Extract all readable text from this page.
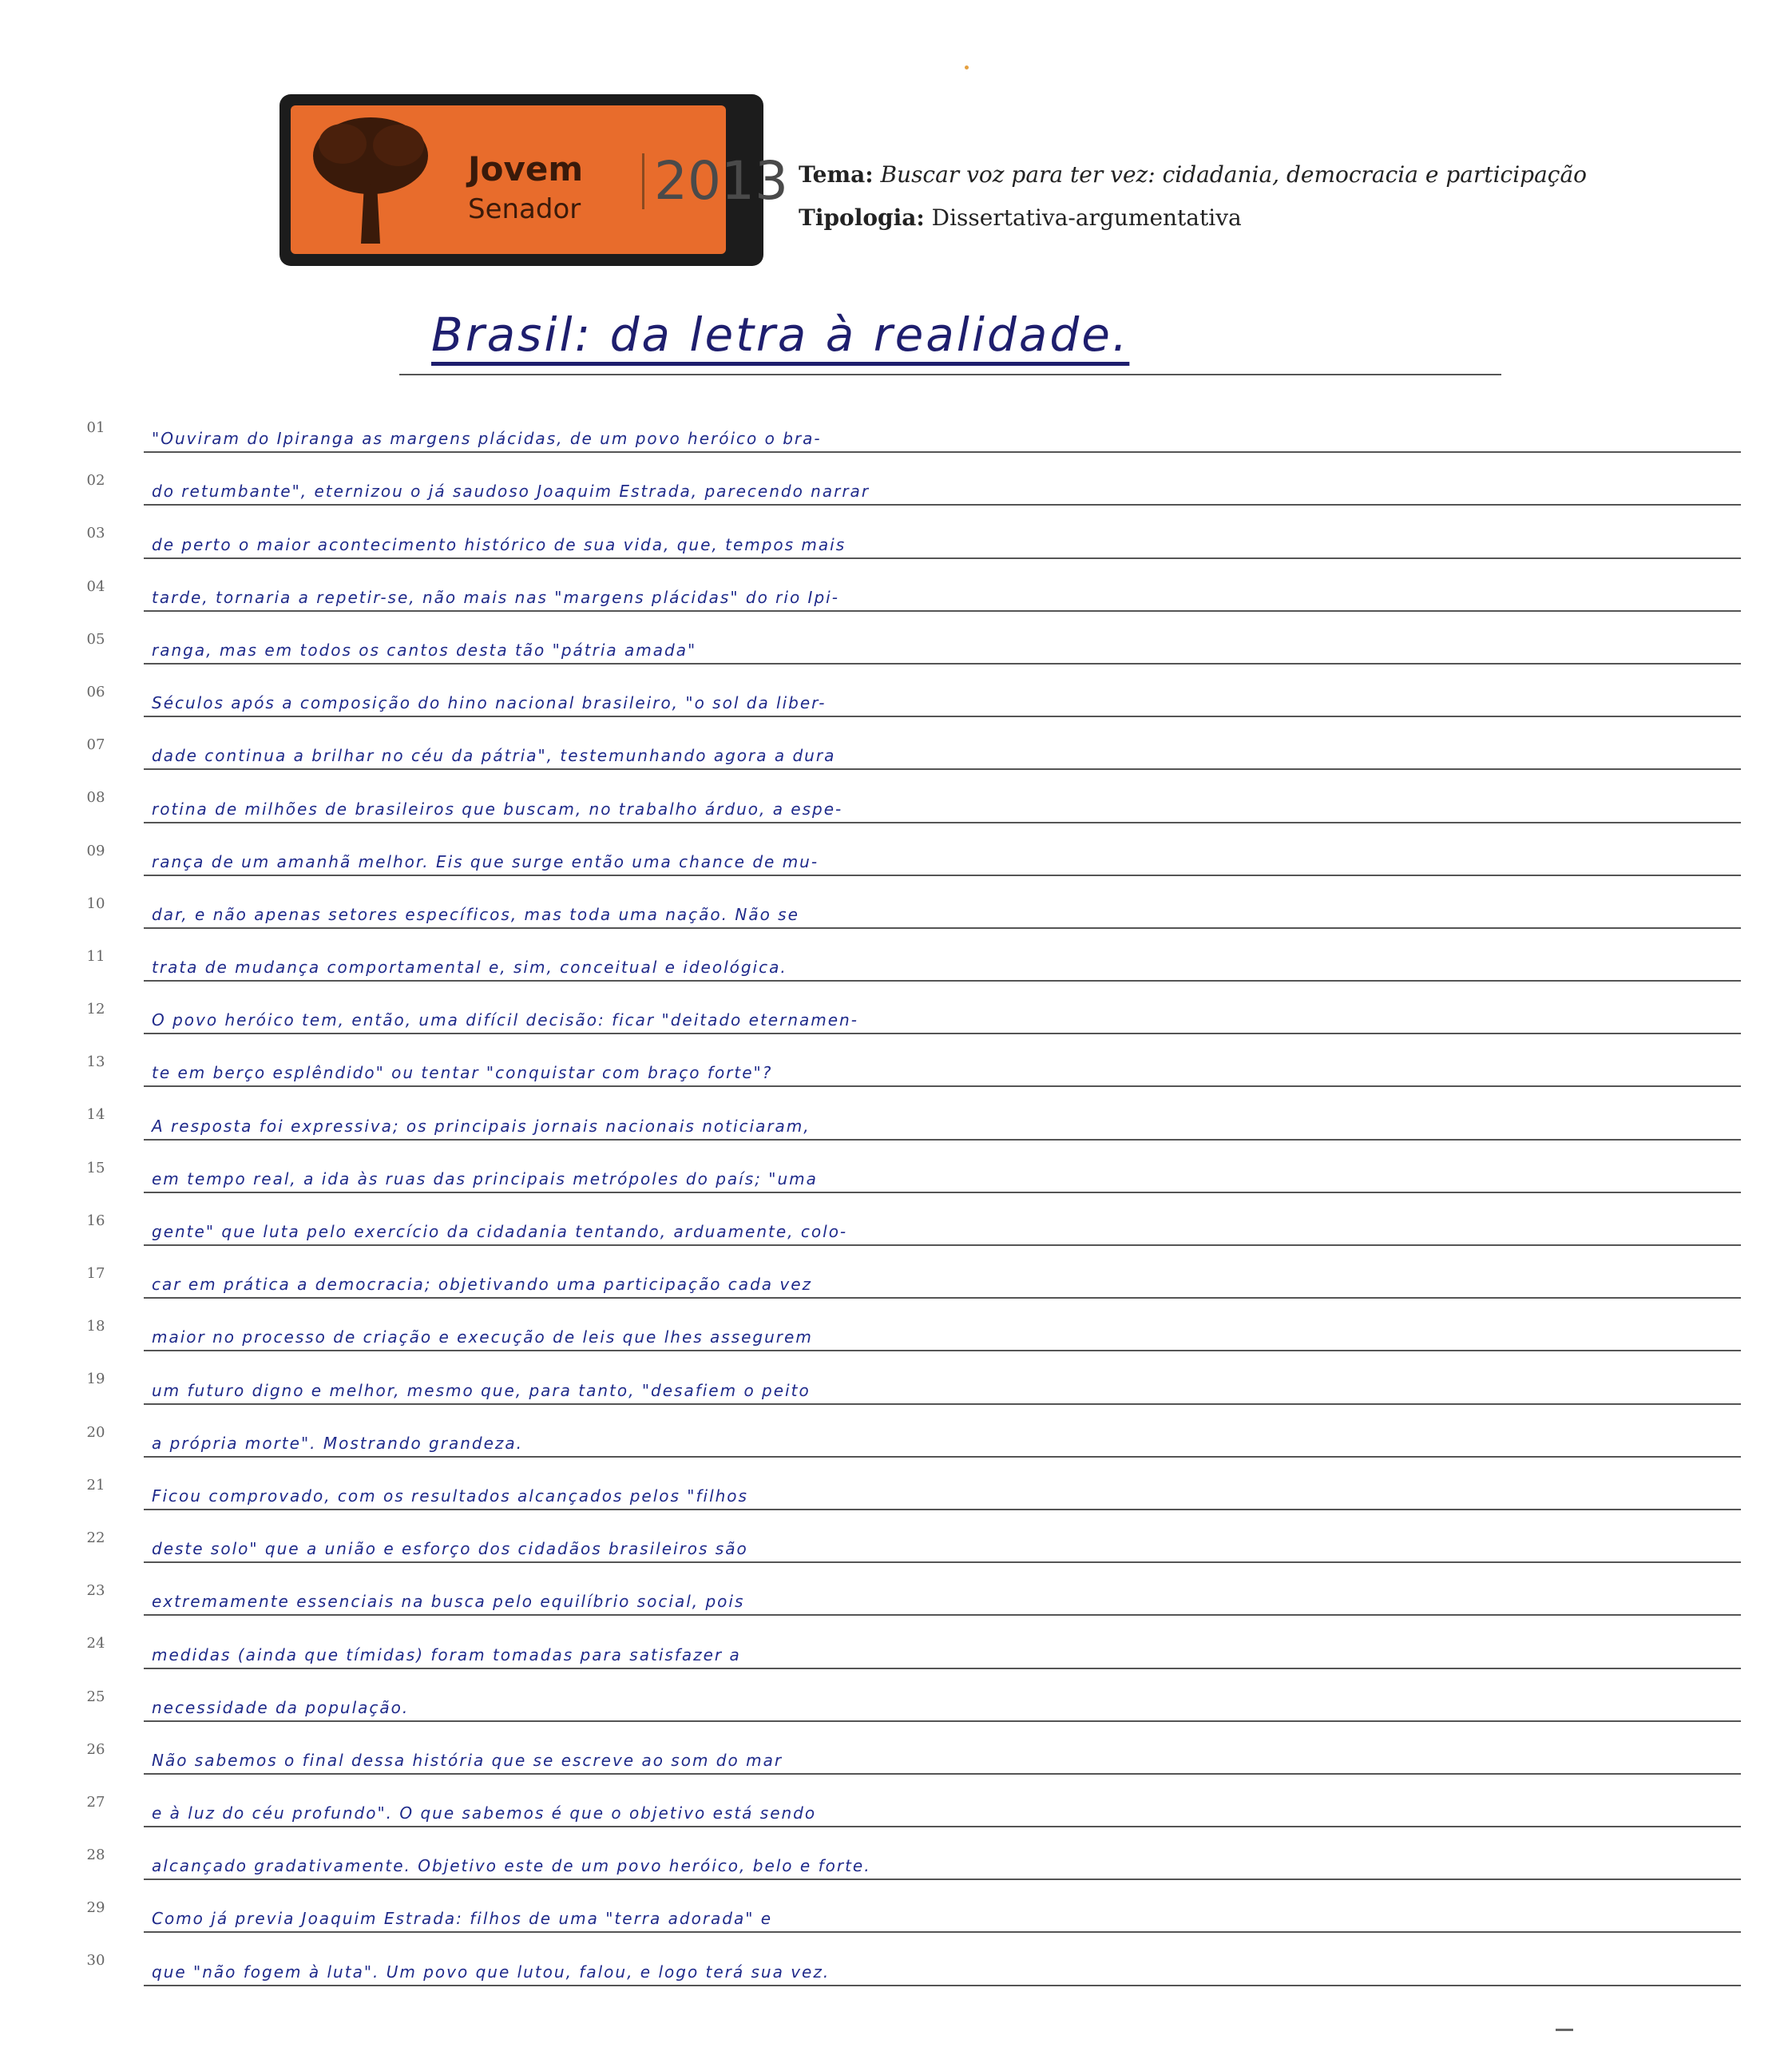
Jovem
Senador 2013 Tema: Buscar voz para ter vez: cidadania, democracia e participação
Tipologia: Dissertativa-argumentativa
Brasil: da letra à realidade.
01
"Ouviram do Ipiranga as margens plácidas, de um povo heróico o bra-
02
do retumbante", eternizou o já saudoso Joaquim Estrada, parecendo narrar
03
de perto o maior acontecimento histórico de sua vida, que, tempos mais
04
tarde, tornaria a repetir-se, não mais nas "margens plácidas" do rio Ipi-
05
ranga, mas em todos os cantos desta tão "pátria amada"
06
Séculos após a composição do hino nacional brasileiro, "o sol da liber-
07
dade continua a brilhar no céu da pátria", testemunhando agora a dura
08
rotina de milhões de brasileiros que buscam, no trabalho árduo, a espe-
09
rança de um amanhã melhor. Eis que surge então uma chance de mu-
10
dar, e não apenas setores específicos, mas toda uma nação. Não se
11
trata de mudança comportamental e, sim, conceitual e ideológica.
12
O povo heróico tem, então, uma difícil decisão: ficar "deitado eternamen-
13
te em berço esplêndido" ou tentar "conquistar com braço forte"?
14
A resposta foi expressiva; os principais jornais nacionais noticiaram,
15
em tempo real, a ida às ruas das principais metrópoles do país; "uma
16
gente" que luta pelo exercício da cidadania tentando, arduamente, colo-
17
car em prática a democracia; objetivando uma participação cada vez
18
maior no processo de criação e execução de leis que lhes assegurem
19
um futuro digno e melhor, mesmo que, para tanto, "desafiem o peito
20
a própria morte". Mostrando grandeza.
21
Ficou comprovado, com os resultados alcançados pelos "filhos
22
deste solo" que a união e esforço dos cidadãos brasileiros são
23
extremamente essenciais na busca pelo equilíbrio social, pois
24
medidas (ainda que tímidas) foram tomadas para satisfazer a
25
necessidade da população.
26
Não sabemos o final dessa história que se escreve ao som do mar
27
e à luz do céu profundo". O que sabemos é que o objetivo está sendo
28
alcançado gradativamente. Objetivo este de um povo heróico, belo e forte.
29
Como já previa Joaquim Estrada: filhos de uma "terra adorada" e
30
que "não fogem à luta". Um povo que lutou, falou, e logo terá sua vez.
